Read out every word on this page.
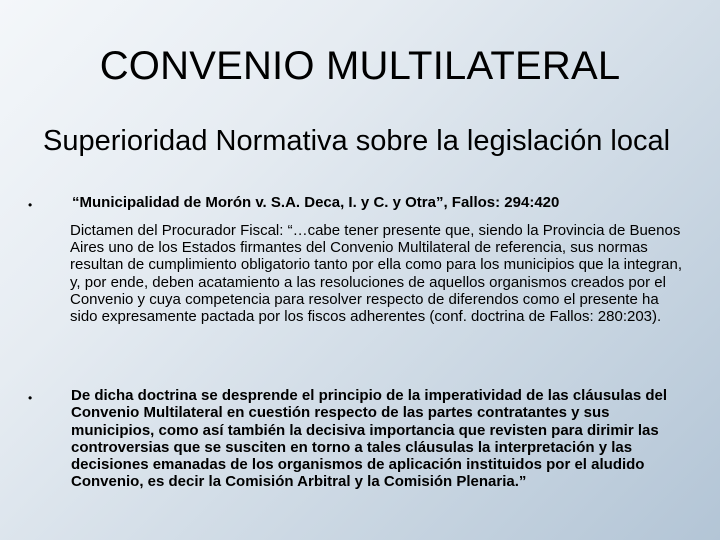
CONVENIO MULTILATERAL
Superioridad Normativa sobre la legislación local
•	“Municipalidad de Morón v. S.A. Deca, I. y C. y Otra”, Fallos: 294:420

Dictamen del Procurador Fiscal: “…cabe tener presente que, siendo la Provincia de Buenos Aires uno de los Estados firmantes del Convenio Multilateral de referencia, sus normas resultan de cumplimiento obligatorio tanto por ella como para los municipios que la integran, y, por ende, deben acatamiento a las resoluciones de aquellos organismos creados por el Convenio y cuya competencia para resolver respecto de diferendos como el presente ha sido expresamente pactada por los fiscos adherentes (conf. doctrina de Fallos: 280:203).

•	De dicha doctrina se desprende el principio de la imperatividad de las cláusulas del Convenio Multilateral en cuestión respecto de las partes contratantes y sus municipios, como así también la decisiva importancia que revisten para dirimir las controversias que se susciten en torno a tales cláusulas la interpretación y las decisiones emanadas de los organismos de aplicación instituidos por el aludido Convenio, es decir la Comisión Arbitral y la Comisión Plenaria.”
